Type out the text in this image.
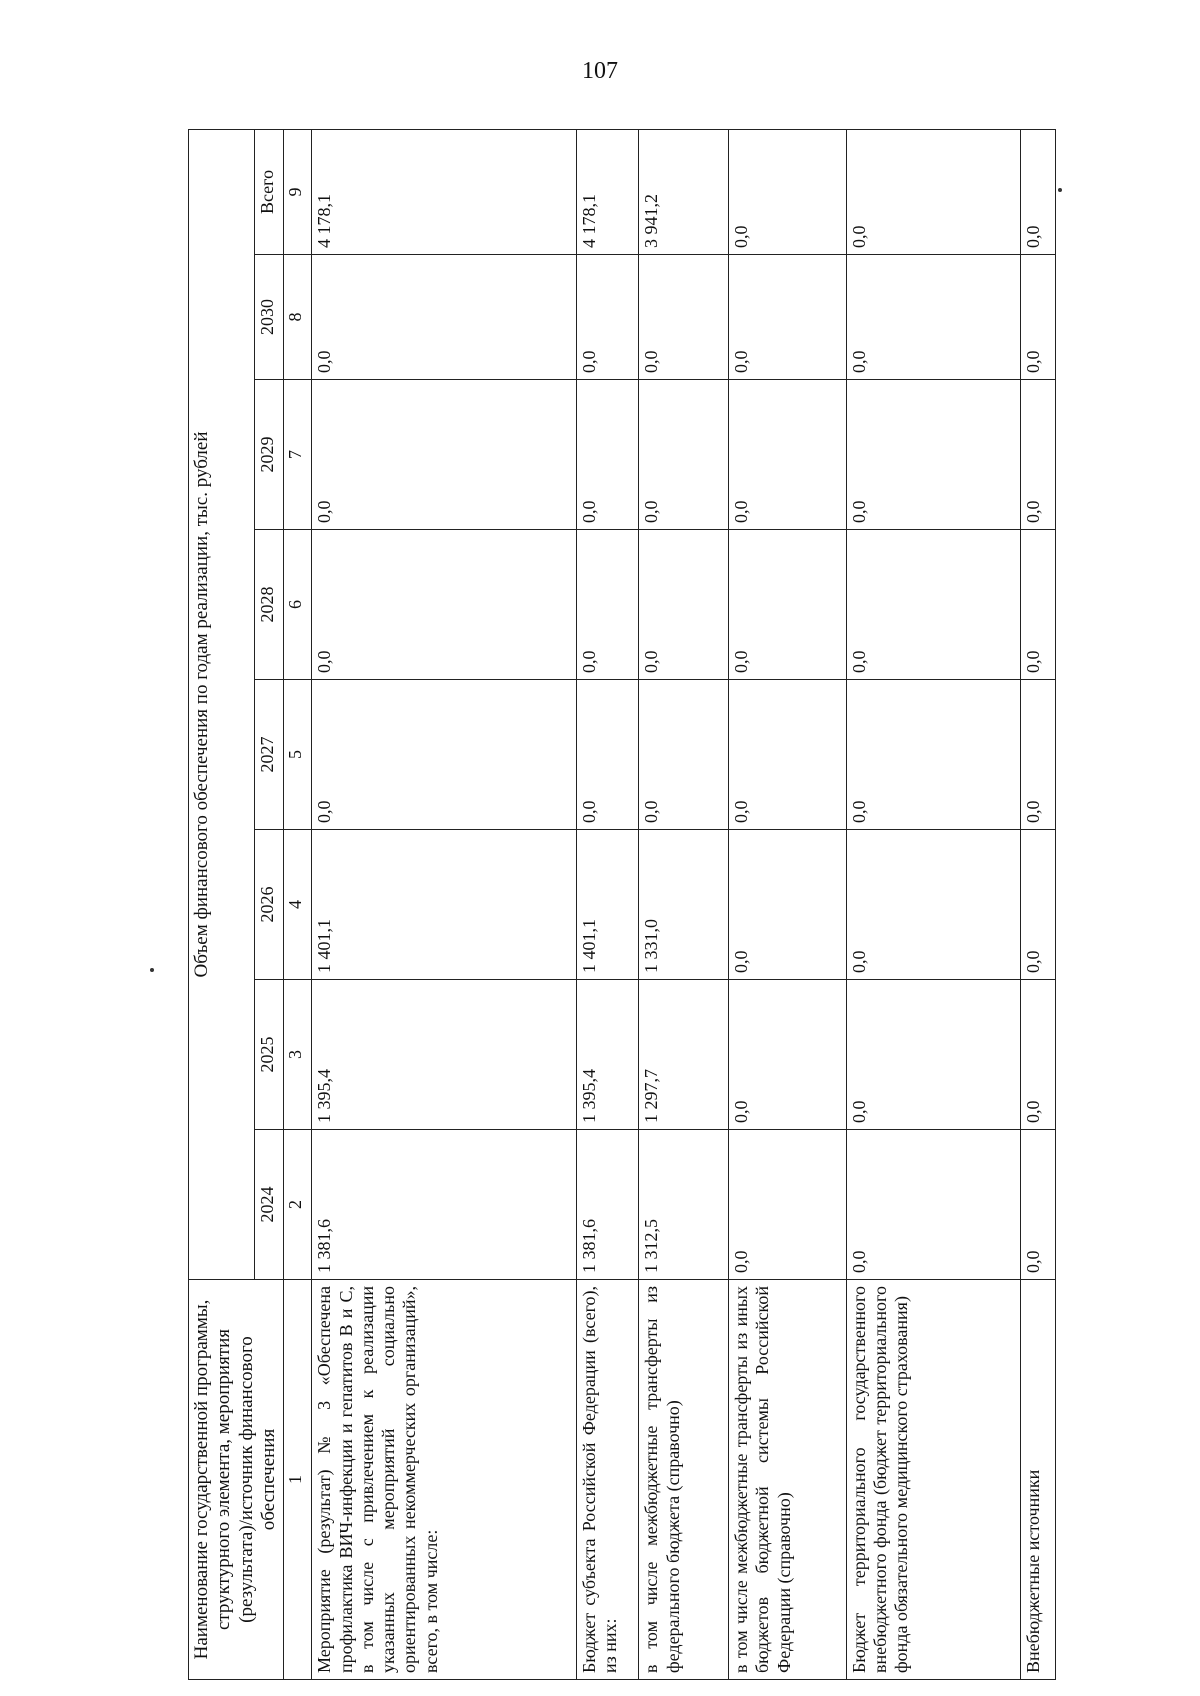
107
Наименование государственной программы, структурного элемента, мероприятия (результата)/источник финансового обеспечения	Объем финансового обеспечения по годам реализации, тыс. рублей							
	2024	2025	2026	2027	2028	2029	2030	Всего
1	2	3	4	5	6	7	8	9
Мероприятие (результат) № 3 «Обеспечена профилактика ВИЧ-инфекции и гепатитов В и С, в том числе с привлечением к реализации указанных мероприятий социально ориентированных некоммерческих организаций», всего, в том числе:	1 381,6	1 395,4	1 401,1	0,0	0,0	0,0	0,0	4 178,1
Бюджет субъекта Российской Федерации (всего), из них:	1 381,6	1 395,4	1 401,1	0,0	0,0	0,0	0,0	4 178,1
в том числе межбюджетные трансферты из федерального бюджета (справочно)	1 312,5	1 297,7	1 331,0	0,0	0,0	0,0	0,0	3 941,2
в том числе межбюджетные трансферты из иных бюджетов бюджетной системы Российской Федерации (справочно)	0,0	0,0	0,0	0,0	0,0	0,0	0,0	0,0
Бюджет территориального государственного внебюджетного фонда (бюджет территориального фонда обязательного медицинского страхования)	0,0	0,0	0,0	0,0	0,0	0,0	0,0	0,0
Внебюджетные источники	0,0	0,0	0,0	0,0	0,0	0,0	0,0	0,0
